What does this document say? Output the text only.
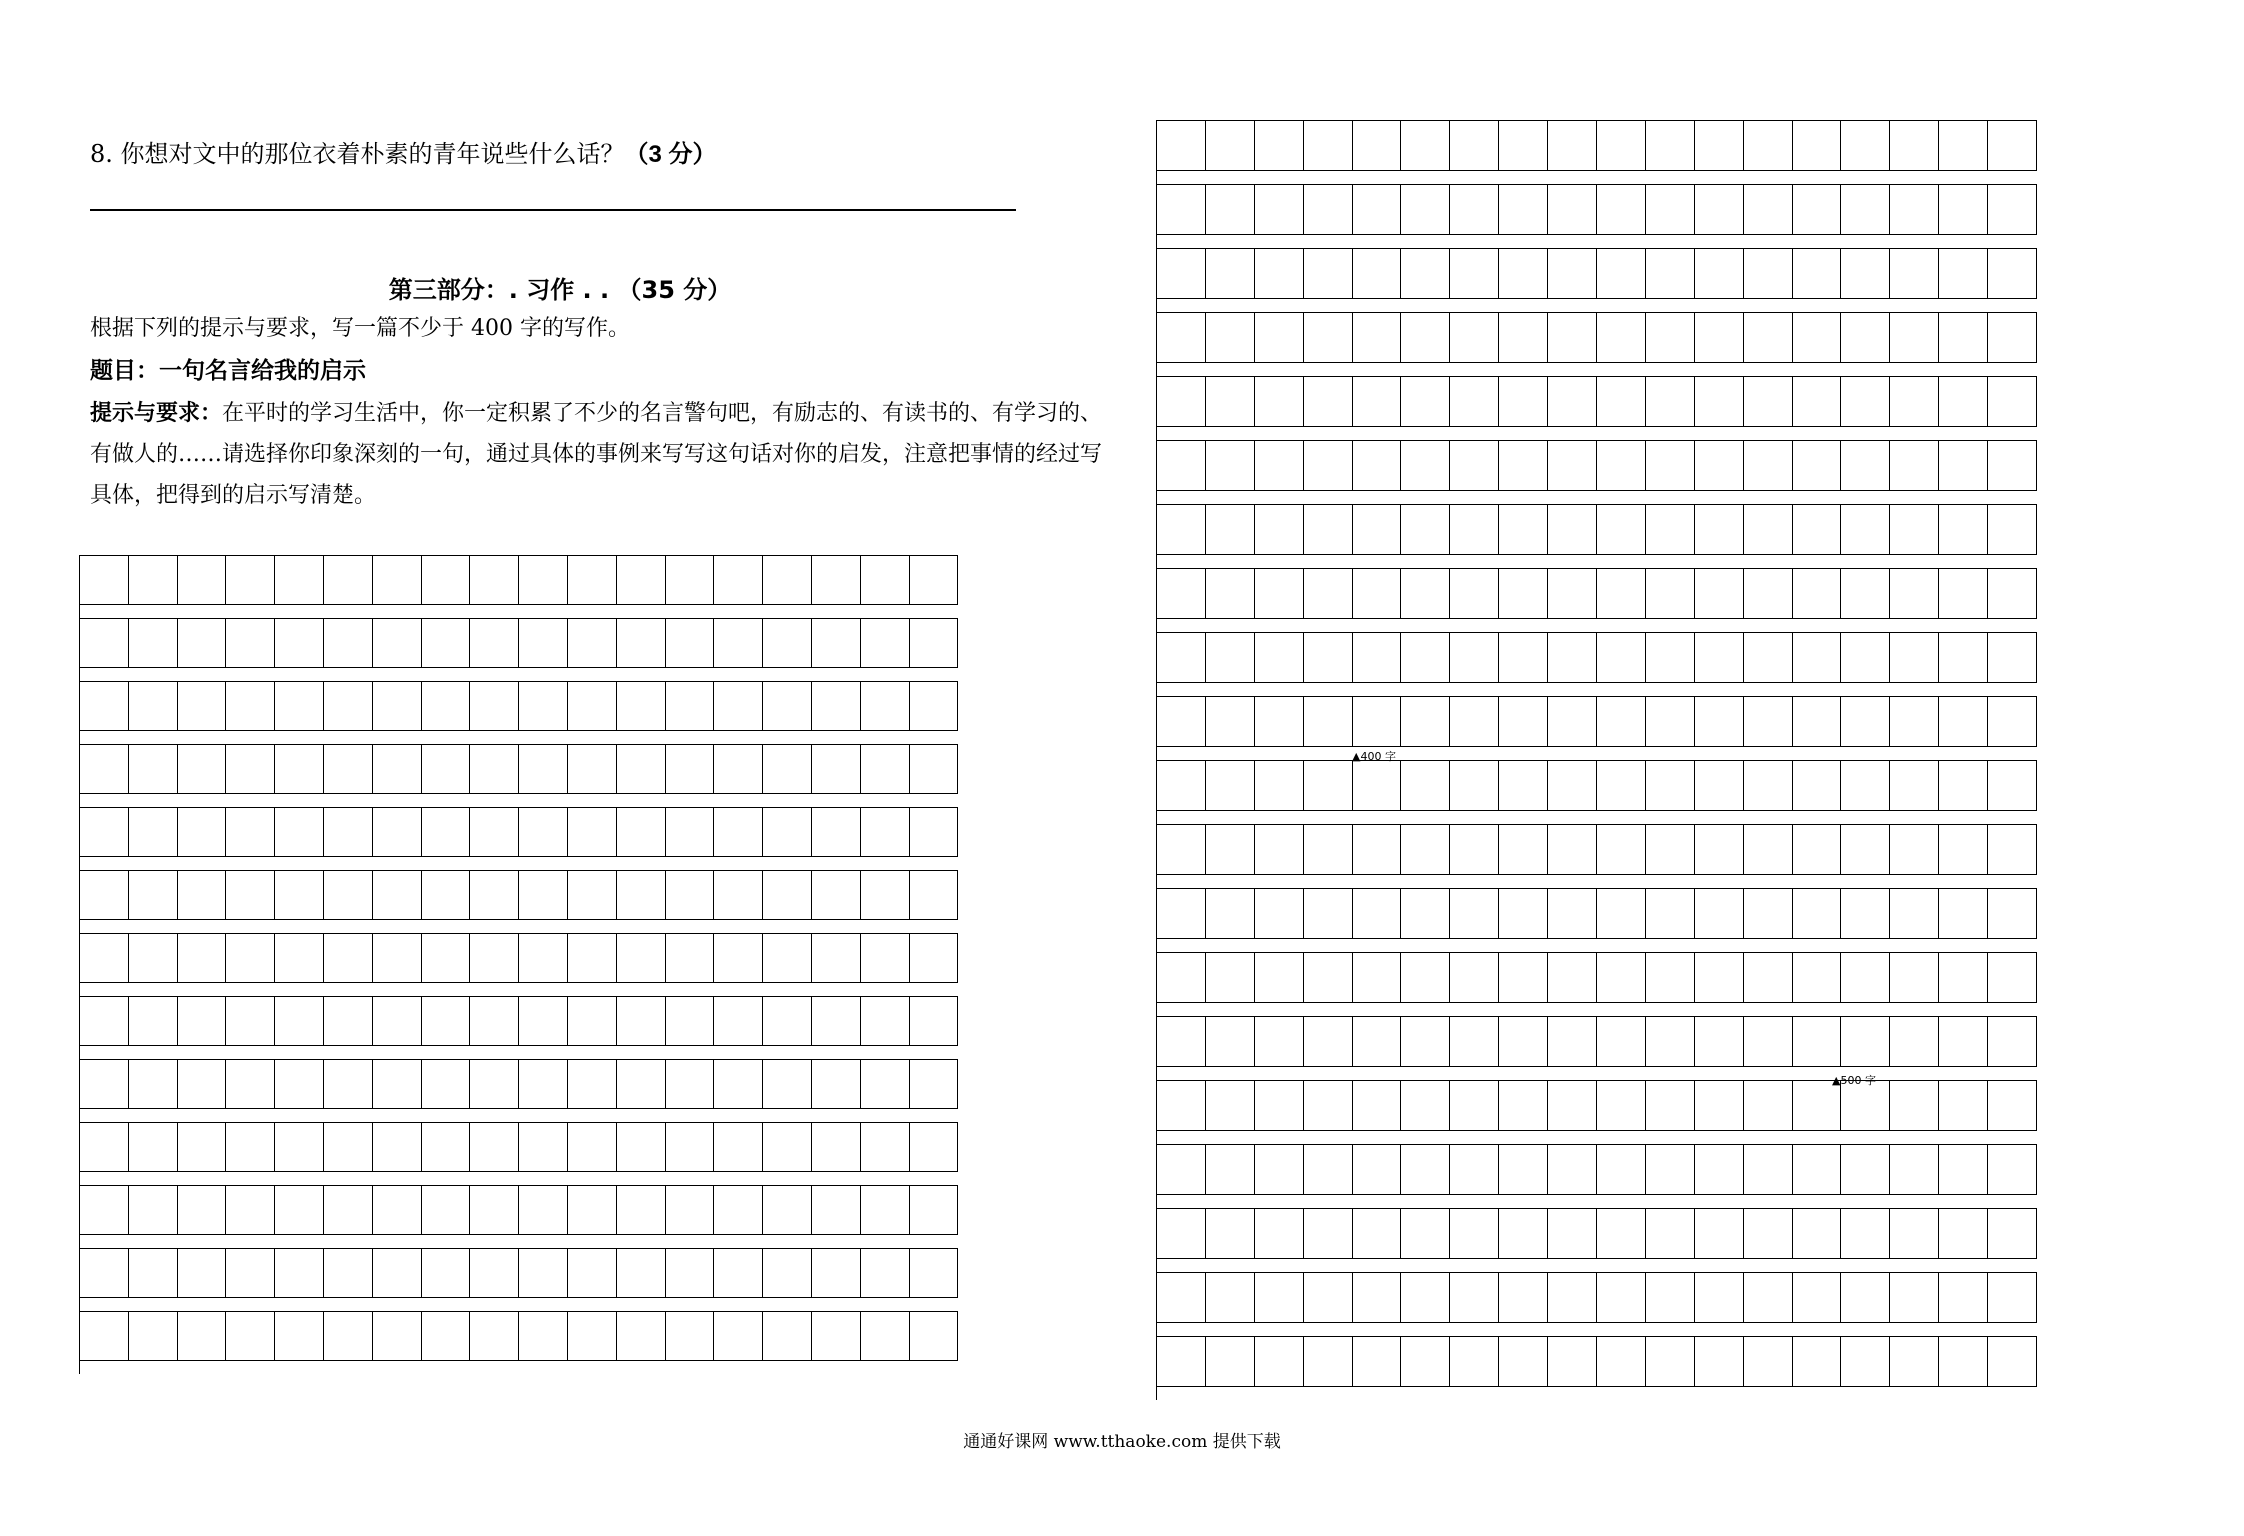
8. 你想对文中的那位衣着朴素的青年说些什么话？（3 分）
第三部分：. 习作 . . （35 分）
根据下列的提示与要求，写一篇不少于 400 字的写作。
题目：一句名言给我的启示
提示与要求：在平时的学习生活中，你一定积累了不少的名言警句吧，有励志的、有读书的、有学习的、有做人的……请选择你印象深刻的一句，通过具体的事例来写写这句话对你的启发，注意把事情的经过写具体，把得到的启示写清楚。
▲400 字
▲500 字
通通好课网 www.tthaoke.com 提供下载
